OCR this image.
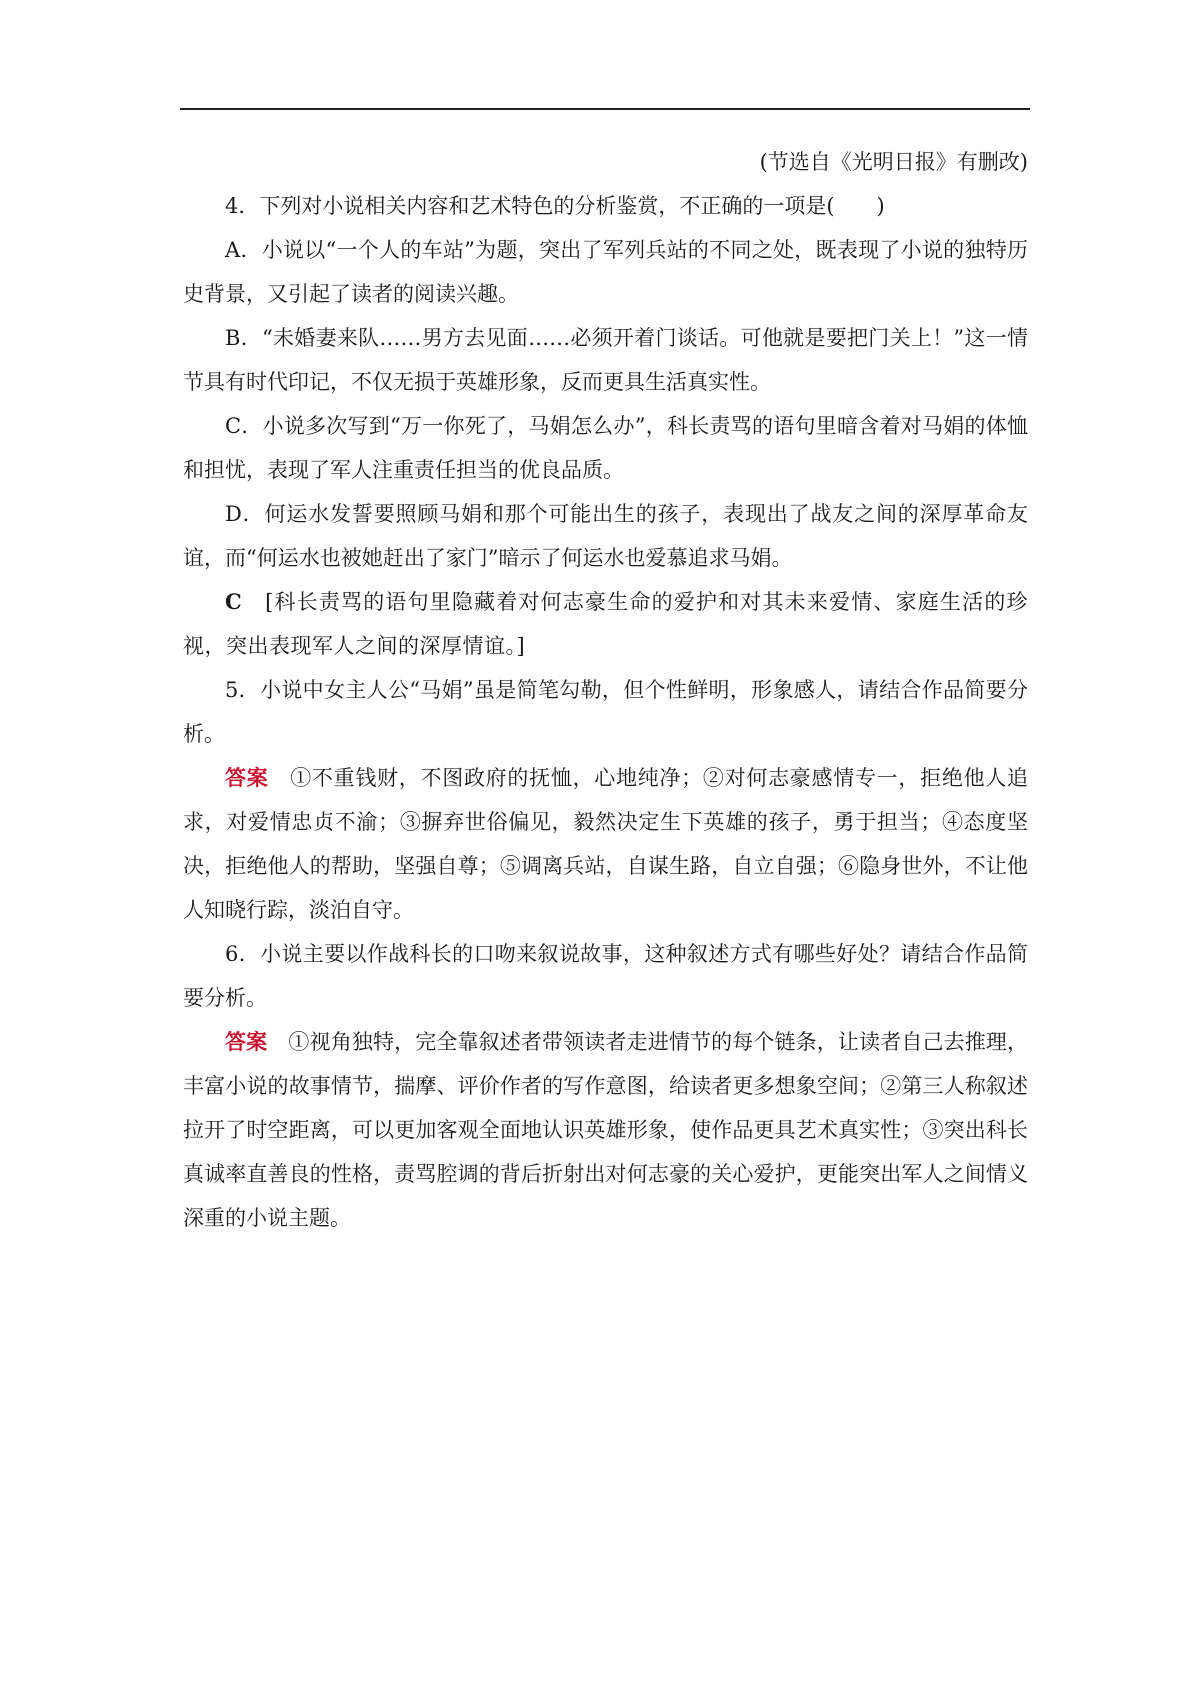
(节选自《光明日报》有删改)

4．下列对小说相关内容和艺术特色的分析鉴赏，不正确的一项是(　　)

A．小说以“一个人的车站”为题，突出了军列兵站的不同之处，既表现了小说的独特历史背景，又引起了读者的阅读兴趣。

B．“未婚妻来队……男方去见面……必须开着门谈话。可他就是要把门关上！”这一情节具有时代印记，不仅无损于英雄形象，反而更具生活真实性。

C．小说多次写到“万一你死了，马娟怎么办”，科长责骂的语句里暗含着对马娟的体恤和担忧，表现了军人注重责任担当的优良品质。

D．何运水发誓要照顾马娟和那个可能出生的孩子，表现出了战友之间的深厚革命友谊，而“何运水也被她赶出了家门”暗示了何运水也爱慕追求马娟。

C　 [科长责骂的语句里隐藏着对何志豪生命的爱护和对其未来爱情、家庭生活的珍视，突出表现军人之间的深厚情谊。]

5．小说中女主人公“马娟”虽是简笔勾勒，但个性鲜明，形象感人，请结合作品简要分析。

答案　 ①不重钱财，不图政府的抚恤，心地纯净；②对何志豪感情专一，拒绝他人追求，对爱情忠贞不渝；③摒弃世俗偏见，毅然决定生下英雄的孩子，勇于担当；④态度坚决，拒绝他人的帮助，坚强自尊；⑤调离兵站，自谋生路，自立自强；⑥隐身世外，不让他人知晓行踪，淡泊自守。

6．小说主要以作战科长的口吻来叙说故事，这种叙述方式有哪些好处？请结合作品简要分析。

答案　 ①视角独特，完全靠叙述者带领读者走进情节的每个链条，让读者自己去推理，丰富小说的故事情节，揣摩、评价作者的写作意图，给读者更多想象空间；②第三人称叙述拉开了时空距离，可以更加客观全面地认识英雄形象，使作品更具艺术真实性；③突出科长真诚率直善良的性格，责骂腔调的背后折射出对何志豪的关心爱护，更能突出军人之间情义深重的小说主题。
